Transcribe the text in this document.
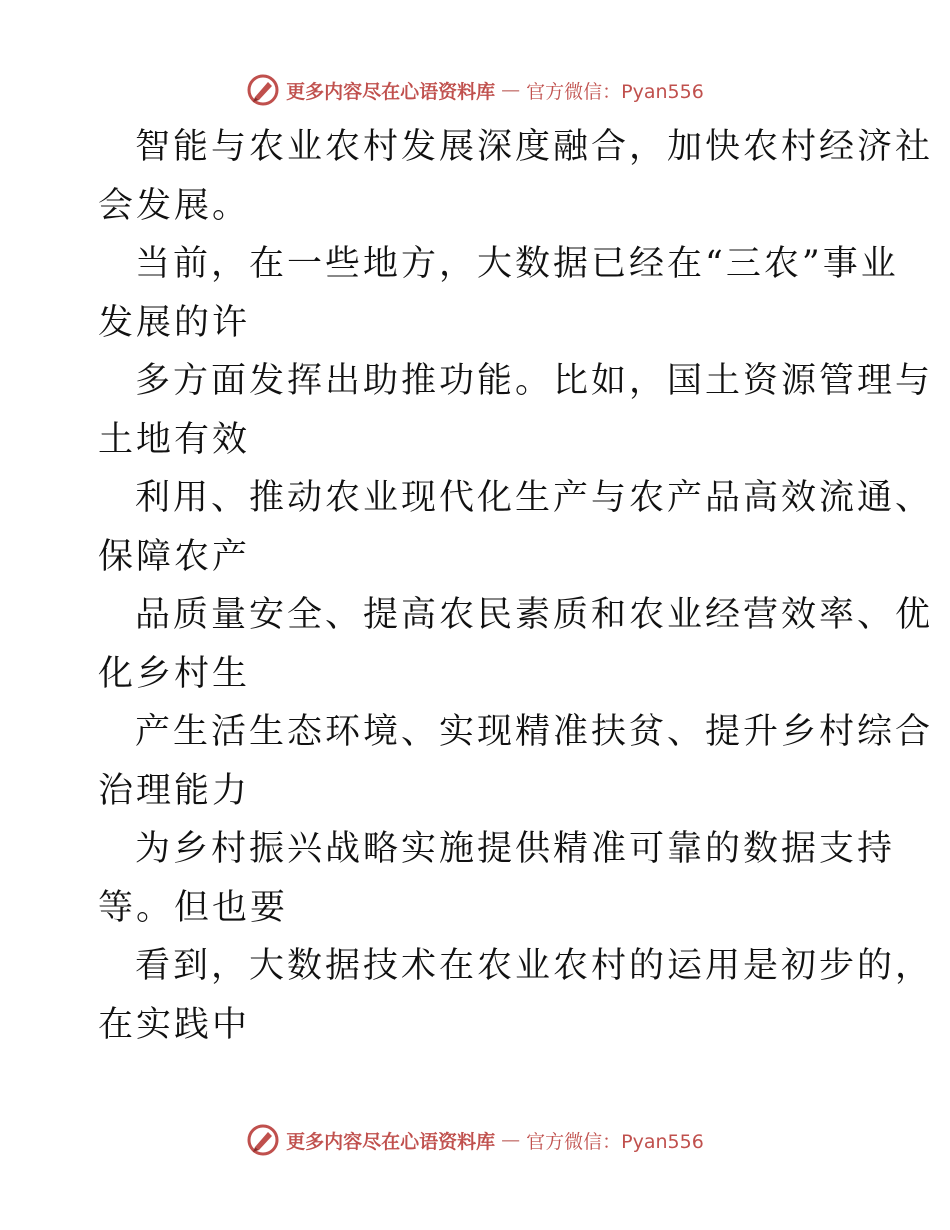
更多内容尽在心语资料库 — 官方微信：Pyan556
智能与农业农村发展深度融合，加快农村经济社
会发展。
当前，在一些地方，大数据已经在“三农”事业
发展的许
多方面发挥出助推功能。比如，国土资源管理与
土地有效
利用、推动农业现代化生产与农产品高效流通、
保障农产
品质量安全、提高农民素质和农业经营效率、优
化乡村生
产生活生态环境、实现精准扶贫、提升乡村综合
治理能力
为乡村振兴战略实施提供精准可靠的数据支持
等。但也要
看到，大数据技术在农业农村的运用是初步的，
在实践中
更多内容尽在心语资料库 — 官方微信：Pyan556
